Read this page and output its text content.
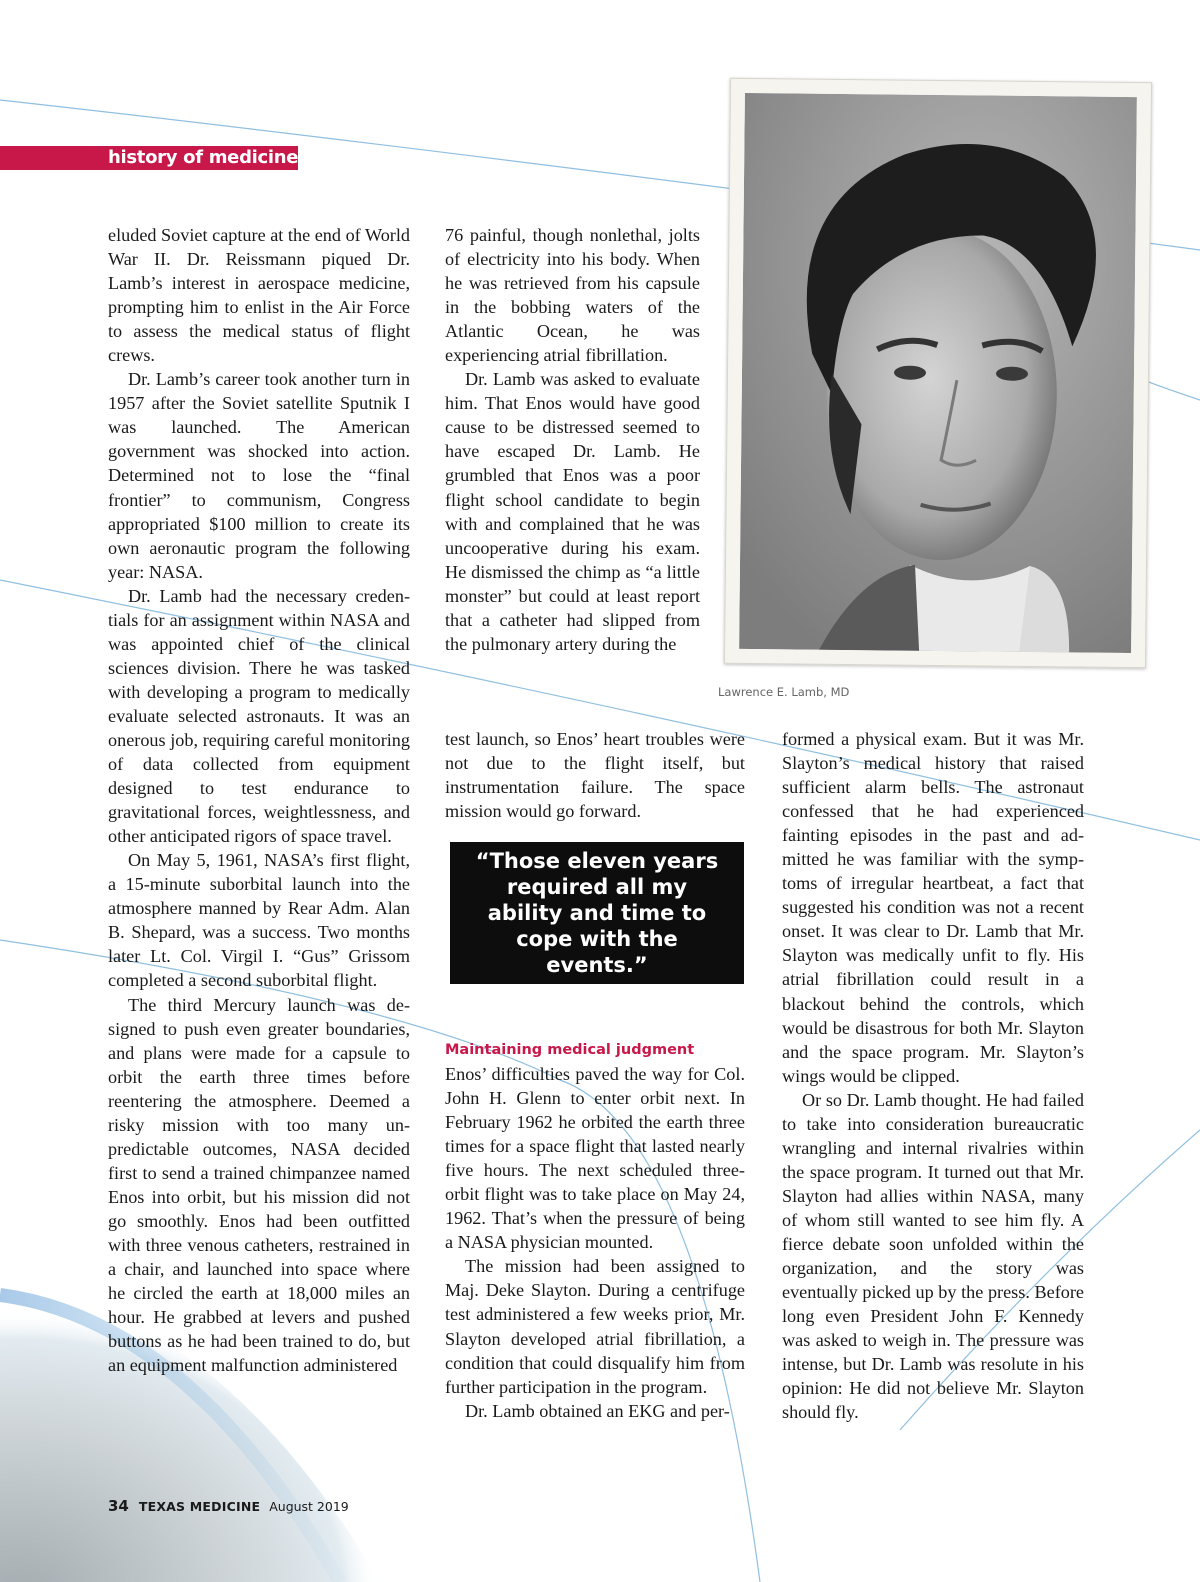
history of medicine

eluded Soviet capture at the end of World War II. Dr. Reissmann piqued Dr. Lamb’s interest in aerospace medicine, prompting him to enlist in the Air Force to assess the medical status of flight crews.

Dr. Lamb’s career took another turn in 1957 after the Soviet satellite Sputnik I was launched. The American government was shocked into action. Determined not to lose the “final frontier” to communism, Congress appropriated $100 million to create its own aeronautic program the following year: NASA.

Dr. Lamb had the necessary credentials for an assignment within NASA and was appointed chief of the clinical sciences division. There he was tasked with developing a program to medically evaluate selected astronauts. It was an onerous job, requiring careful monitoring of data collected from equipment designed to test endurance to gravitational forces, weightlessness, and other anticipated rigors of space travel.

On May 5, 1961, NASA’s first flight, a 15-minute suborbital launch into the atmosphere manned by Rear Adm. Alan B. Shepard, was a success. Two months later Lt. Col. Virgil I. “Gus” Grissom completed a second suborbital flight.

The third Mercury launch was designed to push even greater boundaries, and plans were made for a capsule to orbit the earth three times before reentering the atmosphere. Deemed a risky mission with too many unpredictable outcomes, NASA decided first to send a trained chimpanzee named Enos into orbit, but his mission did not go smoothly. Enos had been outfitted with three venous catheters, restrained in a chair, and launched into space where he circled the earth at 18,000 miles an hour. He grabbed at levers and pushed buttons as he had been trained to do, but an equipment malfunction administered

76 painful, though nonlethal, jolts of electricity into his body. When he was retrieved from his capsule in the bobbing waters of the Atlantic Ocean, he was experiencing atrial fibrillation.

Dr. Lamb was asked to evaluate him. That Enos would have good cause to be distressed seemed to have escaped Dr. Lamb. He grumbled that Enos was a poor flight school candidate to begin with and complained that he was uncooperative during his exam. He dismissed the chimp as “a little monster” but could at least report that a catheter had slipped from the pulmonary artery during the

test launch, so Enos’ heart troubles were not due to the flight itself, but instrumentation failure. The space mission would go forward.

Lawrence E. Lamb, MD
“Those eleven years required all my ability and time to cope with the events.”

Maintaining medical judgment

Enos’ difficulties paved the way for Col. John H. Glenn to enter orbit next. In February 1962 he orbited the earth three times for a space flight that lasted nearly five hours. The next scheduled three-orbit flight was to take place on May 24, 1962. That’s when the pressure of being a NASA physician mounted.

The mission had been assigned to Maj. Deke Slayton. During a centrifuge test administered a few weeks prior, Mr. Slayton developed atrial fibrillation, a condition that could disqualify him from further participation in the program.

Dr. Lamb obtained an EKG and per-

formed a physical exam. But it was Mr. Slayton’s medical history that raised sufficient alarm bells. The astronaut confessed that he had experienced fainting episodes in the past and admitted he was familiar with the symptoms of irregular heartbeat, a fact that suggested his condition was not a recent onset. It was clear to Dr. Lamb that Mr. Slayton was medically unfit to fly. His atrial fibrillation could result in a blackout behind the controls, which would be disastrous for both Mr. Slayton and the space program. Mr. Slayton’s wings would be clipped.

Or so Dr. Lamb thought. He had failed to take into consideration bureaucratic wrangling and internal rivalries within the space program. It turned out that Mr. Slayton had allies within NASA, many of whom still wanted to see him fly. A fierce debate soon unfolded within the organization, and the story was eventually picked up by the press. Before long even President John F. Kennedy was asked to weigh in. The pressure was intense, but Dr. Lamb was resolute in his opinion: He did not believe Mr. Slayton should fly.

34 TEXAS MEDICINE August 2019
